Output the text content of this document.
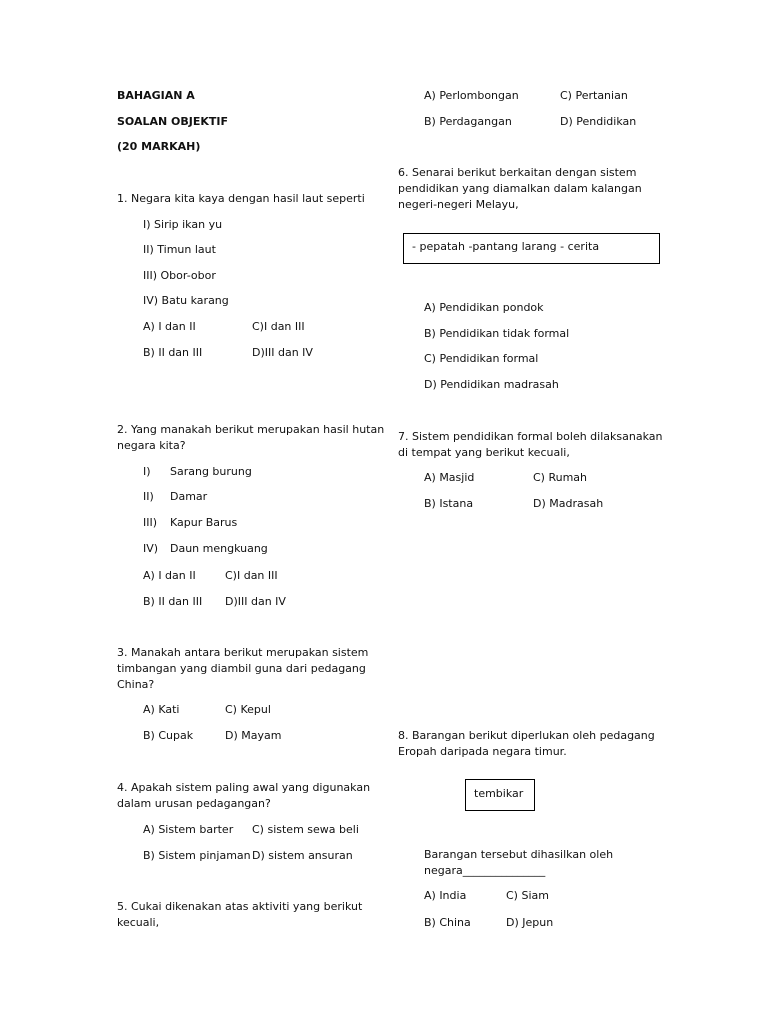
BAHAGIAN A
SOALAN OBJEKTIF
(20 MARKAH)
1. Negara kita kaya dengan hasil laut seperti
I) Sirip ikan yu
II) Timun laut
III) Obor-obor
IV) Batu karang
A) I dan II	C)I dan III
B) II dan III	D)III dan IV
2. Yang manakah berikut merupakan hasil hutan
negara kita?
I) Sarang burung
II) Damar
III) Kapur Barus
IV) Daun mengkuang
A) I dan II	C)I dan III
B) II dan III D)III dan IV
3. Manakah antara berikut merupakan sistem
timbangan yang diambil guna dari pedagang
China?
A) Kati	C) Kepul
B) Cupak	D) Mayam
4. Apakah sistem paling awal yang digunakan
dalam urusan pedagangan?
A) Sistem barter C) sistem sewa beli
B) Sistem pinjaman D) sistem ansuran
5. Cukai dikenakan atas aktiviti yang berikut
kecuali,
A) Perlombongan	C) Pertanian
B) Perdagangan	D) Pendidikan
6. Senarai berikut berkaitan dengan sistem
pendidikan yang diamalkan dalam kalangan
negeri-negeri Melayu,
- pepatah -pantang larang - cerita
A) Pendidikan pondok
B) Pendidikan tidak formal
C) Pendidikan formal
D) Pendidikan madrasah
7. Sistem pendidikan formal boleh dilaksanakan
di tempat yang berikut kecuali,
A) Masjid	C) Rumah
B) Istana	D) Madrasah
8. Barangan berikut diperlukan oleh pedagang
Eropah daripada negara timur.
tembikar
Barangan tersebut dihasilkan oleh
negara_______________
A) India	C) Siam
B) China	D) Jepun
